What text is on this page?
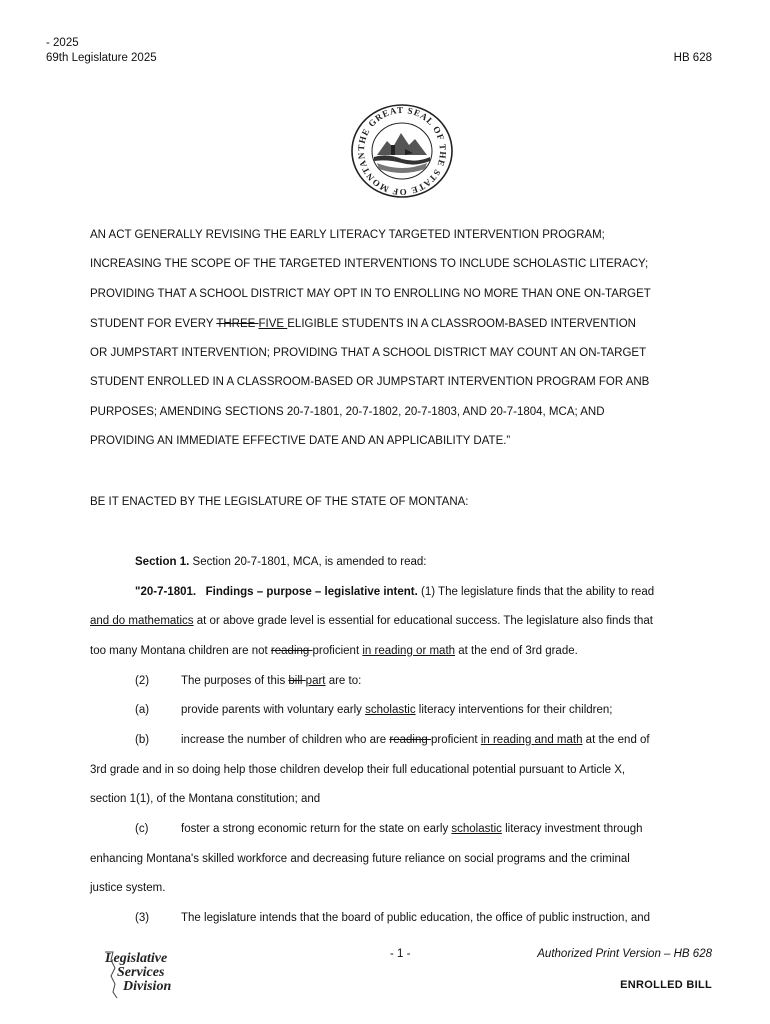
- 2025
69th Legislature 2025	HB 628
THE GREAT SEAL OF THE STATE OF MONTAN
AN ACT GENERALLY REVISING THE EARLY LITERACY TARGETED INTERVENTION PROGRAM;
INCREASING THE SCOPE OF THE TARGETED INTERVENTIONS TO INCLUDE SCHOLASTIC LITERACY;
PROVIDING THAT A SCHOOL DISTRICT MAY OPT IN TO ENROLLING NO MORE THAN ONE ON-TARGET
STUDENT FOR EVERY THREE FIVE ELIGIBLE STUDENTS IN A CLASSROOM-BASED INTERVENTION
OR JUMPSTART INTERVENTION; PROVIDING THAT A SCHOOL DISTRICT MAY COUNT AN ON-TARGET
STUDENT ENROLLED IN A CLASSROOM-BASED OR JUMPSTART INTERVENTION PROGRAM FOR ANB
PURPOSES; AMENDING SECTIONS 20-7-1801, 20-7-1802, 20-7-1803, AND 20-7-1804, MCA; AND
PROVIDING AN IMMEDIATE EFFECTIVE DATE AND AN APPLICABILITY DATE.”
BE IT ENACTED BY THE LEGISLATURE OF THE STATE OF MONTANA:
Section 1. Section 20-7-1801, MCA, is amended to read:
"20-7-1801.   Findings – purpose – legislative intent. (1) The legislature finds that the ability to read
and do mathematics at or above grade level is essential for educational success. The legislature also finds that
too many Montana children are not reading proficient in reading or math at the end of 3rd grade.
(2)	The purposes of this bill part are to:
(a)	provide parents with voluntary early scholastic literacy interventions for their children;
(b)	increase the number of children who are reading proficient in reading and math at the end of
3rd grade and in so doing help those children develop their full educational potential pursuant to Article X,
section 1(1), of the Montana constitution; and
(c)	foster a strong economic return for the state on early scholastic literacy investment through
enhancing Montana's skilled workforce and decreasing future reliance on social programs and the criminal
justice system.
(3)	The legislature intends that the board of public education, the office of public instruction, and
Legislative
Services
Division
- 1 -	Authorized Print Version – HB 628
ENROLLED BILL
